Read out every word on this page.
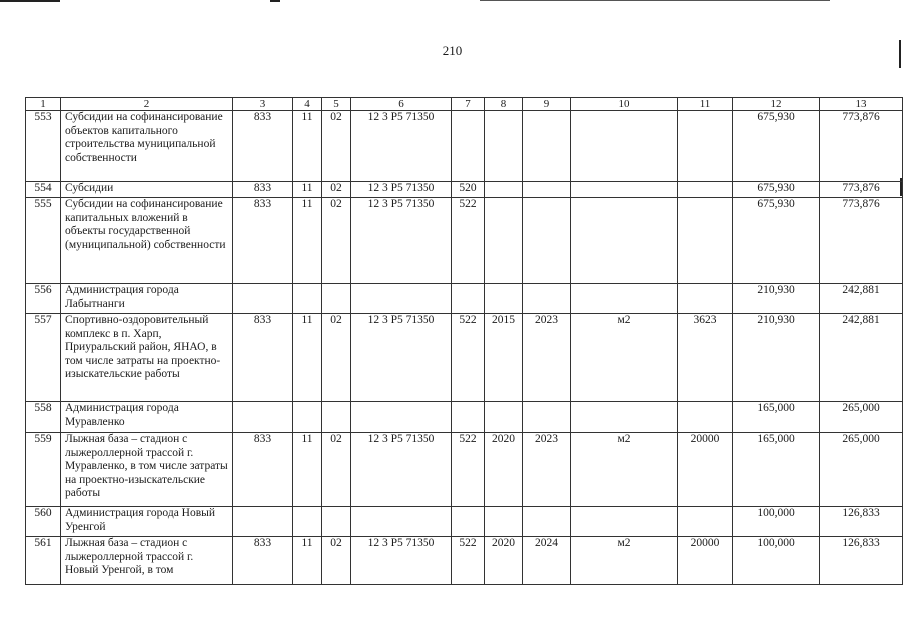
210
1	2	3	4	5	6	7	8	9	10	11	12	13
553	Субсидии на софинансирование объектов капитального строительства муниципальной собственности	833	11	02	12 3 P5 71350						675,930	773,876
554	Субсидии	833	11	02	12 3 P5 71350	520					675,930	773,876
555	Субсидии на софинансирование капитальных вложений в объекты государственной (муниципальной) собственности	833	11	02	12 3 P5 71350	522					675,930	773,876
556	Администрация города Лабытнанги										210,930	242,881
557	Спортивно-оздоровительный комплекс в п. Харп, Приуральский район, ЯНАО, в том числе затраты на проектно-изыскательские работы	833	11	02	12 3 P5 71350	522	2015	2023	м2	3623	210,930	242,881
558	Администрация города Муравленко										165,000	265,000
559	Лыжная база – стадион с лыжероллерной трассой г. Муравленко, в том числе затраты на проектно-изыскательские работы	833	11	02	12 3 P5 71350	522	2020	2023	м2	20000	165,000	265,000
560	Администрация города Новый Уренгой										100,000	126,833
561	Лыжная база – стадион с лыжероллерной трассой г. Новый Уренгой, в том	833	11	02	12 3 P5 71350	522	2020	2024	м2	20000	100,000	126,833
